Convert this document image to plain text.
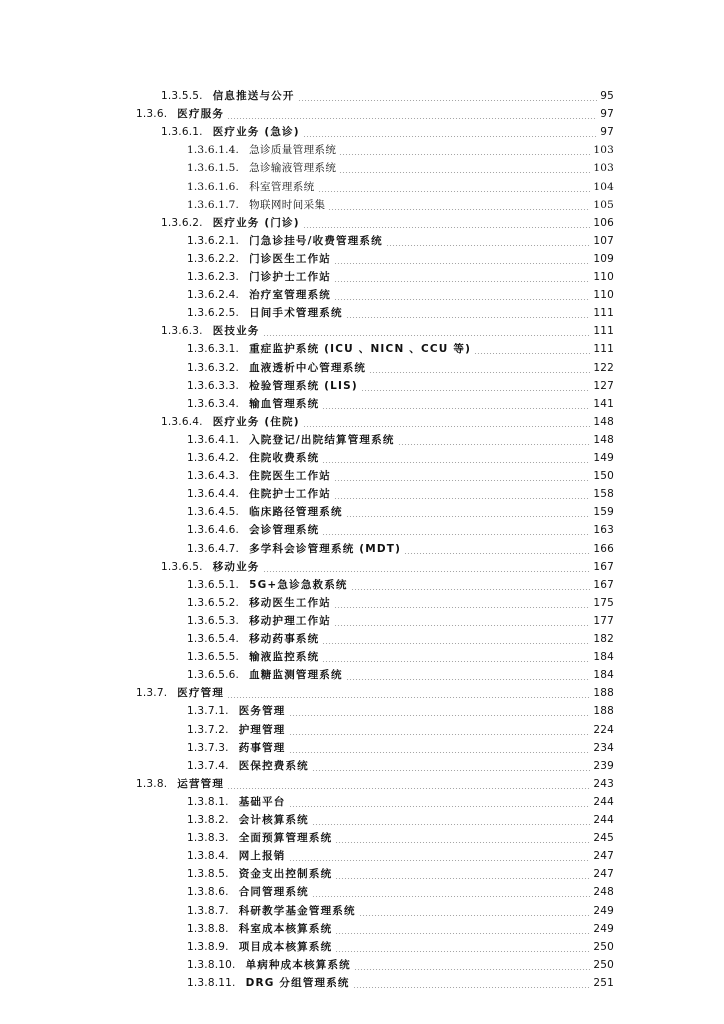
1.3.5.5. 信息推送与公开	95
1.3.6. 医疗服务	97
1.3.6.1. 医疗业务 (急诊)	97
1.3.6.1.4. 急诊质量管理系统	103
1.3.6.1.5. 急诊输液管理系统	103
1.3.6.1.6. 科室管理系统	104
1.3.6.1.7. 物联网时间采集	105
1.3.6.2. 医疗业务 (门诊)	106
1.3.6.2.1. 门急诊挂号/收费管理系统	107
1.3.6.2.2. 门诊医生工作站	109
1.3.6.2.3. 门诊护士工作站	110
1.3.6.2.4. 治疗室管理系统	110
1.3.6.2.5. 日间手术管理系统	111
1.3.6.3. 医技业务	111
1.3.6.3.1. 重症监护系统 (ICU 、NICN 、CCU 等)	111
1.3.6.3.2. 血液透析中心管理系统	122
1.3.6.3.3. 检验管理系统 (LIS)	127
1.3.6.3.4. 输血管理系统	141
1.3.6.4. 医疗业务 (住院)	148
1.3.6.4.1. 入院登记/出院结算管理系统	148
1.3.6.4.2. 住院收费系统	149
1.3.6.4.3. 住院医生工作站	150
1.3.6.4.4. 住院护士工作站	158
1.3.6.4.5. 临床路径管理系统	159
1.3.6.4.6. 会诊管理系统	163
1.3.6.4.7. 多学科会诊管理系统 (MDT)	166
1.3.6.5. 移动业务	167
1.3.6.5.1. 5G+急诊急救系统	167
1.3.6.5.2. 移动医生工作站	175
1.3.6.5.3. 移动护理工作站	177
1.3.6.5.4. 移动药事系统	182
1.3.6.5.5. 输液监控系统	184
1.3.6.5.6. 血糖监测管理系统	184
1.3.7. 医疗管理	188
1.3.7.1. 医务管理	188
1.3.7.2. 护理管理	224
1.3.7.3. 药事管理	234
1.3.7.4. 医保控费系统	239
1.3.8. 运营管理	243
1.3.8.1. 基础平台	244
1.3.8.2. 会计核算系统	244
1.3.8.3. 全面预算管理系统	245
1.3.8.4. 网上报销	247
1.3.8.5. 资金支出控制系统	247
1.3.8.6. 合同管理系统	248
1.3.8.7. 科研教学基金管理系统	249
1.3.8.8. 科室成本核算系统	249
1.3.8.9. 项目成本核算系统	250
1.3.8.10. 单病种成本核算系统	250
1.3.8.11. DRG 分组管理系统	251
